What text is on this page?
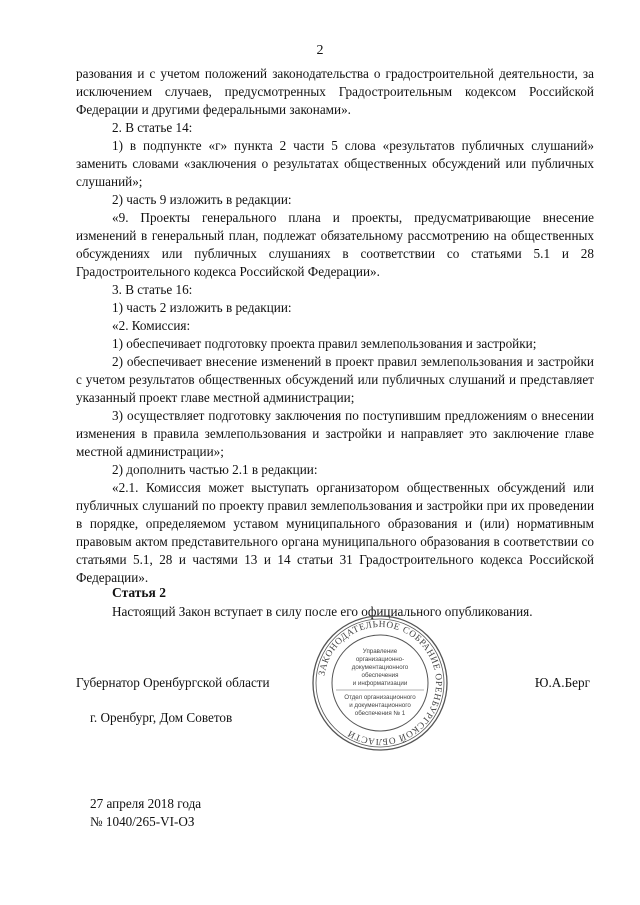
2

разования и с учетом положений законодательства о градостроительной деятельности, за исключением случаев, предусмотренных Градостроительным кодексом Российской Федерации и другими федеральными законами».

2. В статье 14:

1) в подпункте «г» пункта 2 части 5 слова «результатов публичных слушаний» заменить словами «заключения о результатах общественных обсуждений или публичных слушаний»;

2) часть 9 изложить в редакции:

«9. Проекты генерального плана и проекты, предусматривающие внесение изменений в генеральный план, подлежат обязательному рассмотрению на общественных обсуждениях или публичных слушаниях в соответствии со статьями 5.1 и 28 Градостроительного кодекса Российской Федерации».

3. В статье 16:

1) часть 2 изложить в редакции:

«2. Комиссия:

1) обеспечивает подготовку проекта правил землепользования и застройки;

2) обеспечивает внесение изменений в проект правил землепользования и застройки с учетом результатов общественных обсуждений или публичных слушаний и представляет указанный проект главе местной администрации;

3) осуществляет подготовку заключения по поступившим предложениям о внесении изменения в правила землепользования и застройки и направляет это заключение главе местной администрации»;

2) дополнить частью 2.1 в редакции:

«2.1. Комиссия может выступать организатором общественных обсуждений или публичных слушаний по проекту правил землепользования и застройки при их проведении в порядке, определяемом уставом муниципального образования и (или) нормативным правовым актом представительного органа муниципального образования в соответствии со статьями 5.1, 28 и частями 13 и 14 статьи 31 Градостроительного кодекса Российской Федерации».

Статья 2

Настоящий Закон вступает в силу после его официального опубликования.

Губернатор Оренбургской области	Ю.А.Берг
ЗАКОНОДАТЕЛЬНОЕ СОБРАНИЕ ОРЕНБУРГСКОЙ ОБЛАСТИ
Управление
организационно-
документационного
обеспечения
и информатизации
Отдел организационного
и документационного
обеспечения № 1
г. Оренбург, Дом Советов
27 апреля 2018 года
№ 1040/265-VI-ОЗ
